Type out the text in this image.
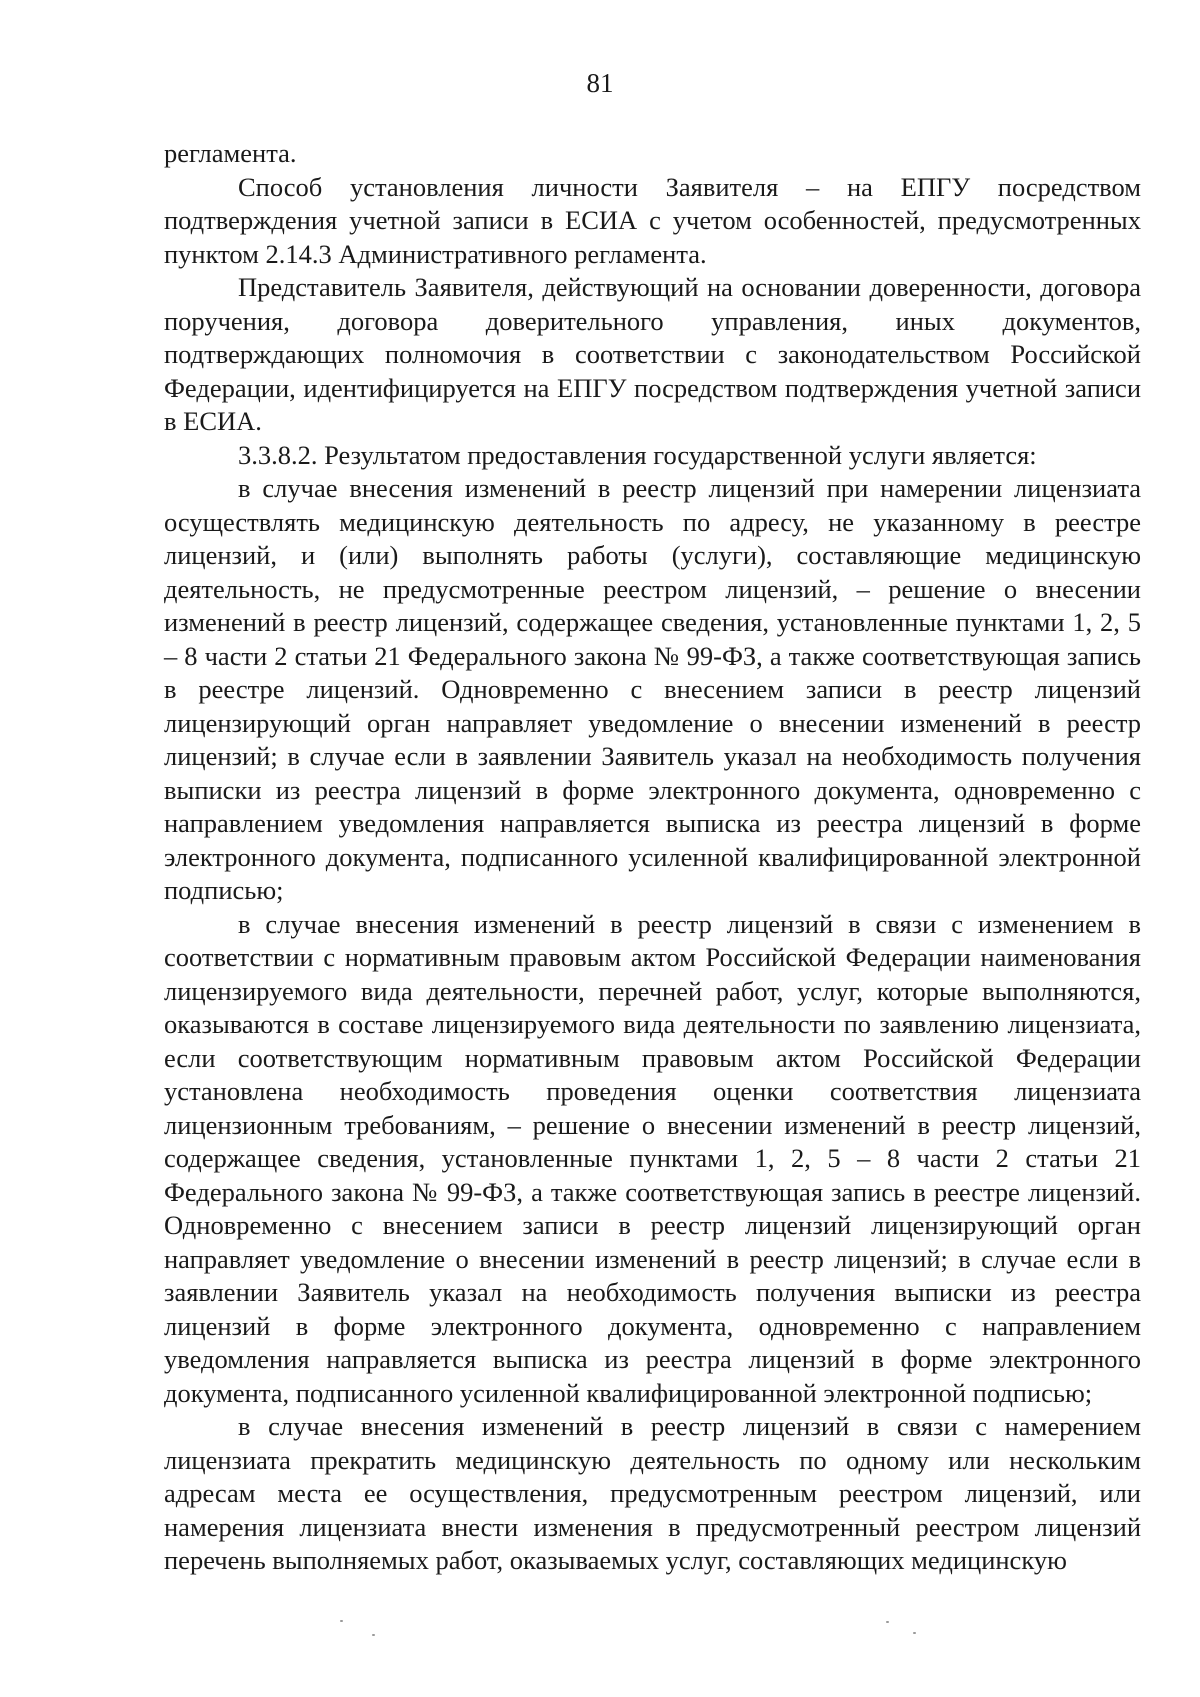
81

регламента.

Способ установления личности Заявителя – на ЕПГУ посредством подтверждения учетной записи в ЕСИА с учетом особенностей, предусмотренных пунктом 2.14.3 Административного регламента.

Представитель Заявителя, действующий на основании доверенности, договора поручения, договора доверительного управления, иных документов, подтверждающих полномочия в соответствии с законодательством Российской Федерации, идентифицируется на ЕПГУ посредством подтверждения учетной записи в ЕСИА.

3.3.8.2. Результатом предоставления государственной услуги является:

в случае внесения изменений в реестр лицензий при намерении лицензиата осуществлять медицинскую деятельность по адресу, не указанному в реестре лицензий, и (или) выполнять работы (услуги), составляющие медицинскую деятельность, не предусмотренные реестром лицензий, – решение о внесении изменений в реестр лицензий, содержащее сведения, установленные пунктами 1, 2, 5 – 8 части 2 статьи 21 Федерального закона № 99-ФЗ, а также соответствующая запись в реестре лицензий. Одновременно с внесением записи в реестр лицензий лицензирующий орган направляет уведомление о внесении изменений в реестр лицензий; в случае если в заявлении Заявитель указал на необходимость получения выписки из реестра лицензий в форме электронного документа, одновременно с направлением уведомления направляется выписка из реестра лицензий в форме электронного документа, подписанного усиленной квалифицированной электронной подписью;

в случае внесения изменений в реестр лицензий в связи с изменением в соответствии с нормативным правовым актом Российской Федерации наименования лицензируемого вида деятельности, перечней работ, услуг, которые выполняются, оказываются в составе лицензируемого вида деятельности по заявлению лицензиата, если соответствующим нормативным правовым актом Российской Федерации установлена необходимость проведения оценки соответствия лицензиата лицензионным требованиям, – решение о внесении изменений в реестр лицензий, содержащее сведения, установленные пунктами 1, 2, 5 – 8 части 2 статьи 21 Федерального закона № 99-ФЗ, а также соответствующая запись в реестре лицензий. Одновременно с внесением записи в реестр лицензий лицензирующий орган направляет уведомление о внесении изменений в реестр лицензий; в случае если в заявлении Заявитель указал на необходимость получения выписки из реестра лицензий в форме электронного документа, одновременно с направлением уведомления направляется выписка из реестра лицензий в форме электронного документа, подписанного усиленной квалифицированной электронной подписью;

в случае внесения изменений в реестр лицензий в связи с намерением лицензиата прекратить медицинскую деятельность по одному или нескольким адресам места ее осуществления, предусмотренным реестром лицензий, или намерения лицензиата внести изменения в предусмотренный реестром лицензий перечень выполняемых работ, оказываемых услуг, составляющих медицинскую
